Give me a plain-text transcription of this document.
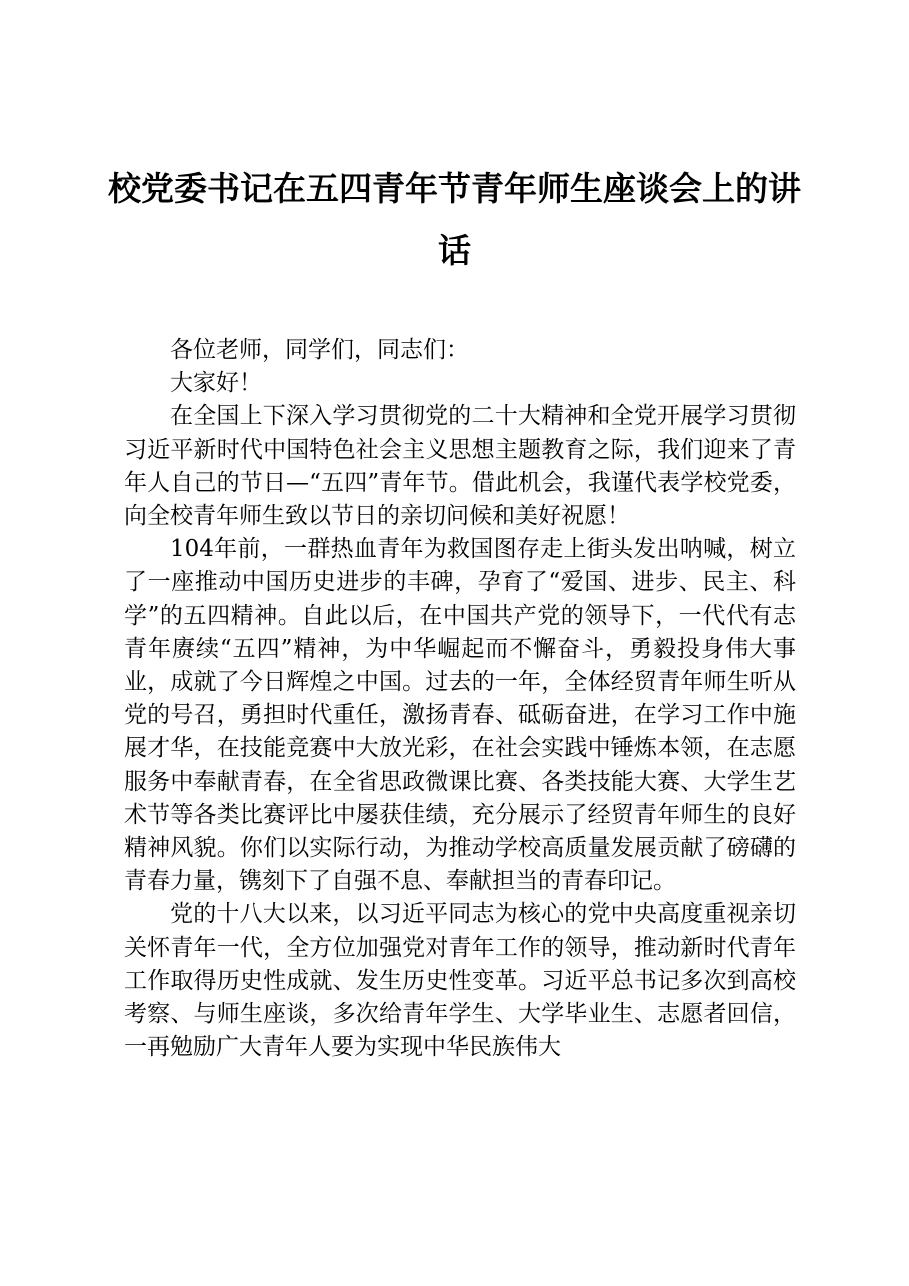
校党委书记在五四青年节青年师生座谈会上的讲话

各位老师，同学们，同志们：

大家好！

在全国上下深入学习贯彻党的二十大精神和全党开展学习贯彻习近平新时代中国特色社会主义思想主题教育之际，我们迎来了青年人自己的节日—“五四”青年节。借此机会，我谨代表学校党委，向全校青年师生致以节日的亲切问候和美好祝愿！

104年前，一群热血青年为救国图存走上街头发出呐喊，树立了一座推动中国历史进步的丰碑，孕育了“爱国、进步、民主、科学”的五四精神。自此以后，在中国共产党的领导下，一代代有志青年赓续“五四”精神，为中华崛起而不懈奋斗，勇毅投身伟大事业，成就了今日辉煌之中国。过去的一年，全体经贸青年师生听从党的号召，勇担时代重任，激扬青春、砥砺奋进，在学习工作中施展才华，在技能竞赛中大放光彩，在社会实践中锤炼本领，在志愿服务中奉献青春，在全省思政微课比赛、各类技能大赛、大学生艺术节等各类比赛评比中屡获佳绩，充分展示了经贸青年师生的良好精神风貌。你们以实际行动，为推动学校高质量发展贡献了磅礴的青春力量，镌刻下了自强不息、奉献担当的青春印记。

党的十八大以来，以习近平同志为核心的党中央高度重视亲切关怀青年一代，全方位加强党对青年工作的领导，推动新时代青年工作取得历史性成就、发生历史性变革。习近平总书记多次到高校考察、与师生座谈，多次给青年学生、大学毕业生、志愿者回信，一再勉励广大青年人要为实现中华民族伟大
